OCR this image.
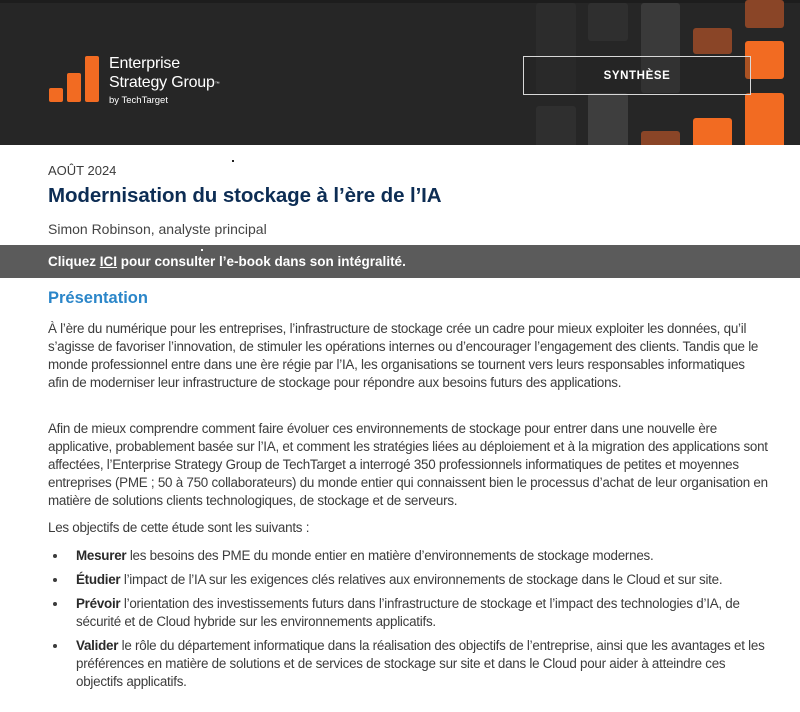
Enterprise
Strategy Group™
by TechTarget
SYNTHÈSE
AOÛT 2024
Modernisation du stockage à l’ère de l’IA
Simon Robinson, analyste principal
Cliquez ICI pour consulter l’e-book dans son intégralité.
Présentation

À l’ère du numérique pour les entreprises, l’infrastructure de stockage crée un cadre pour mieux exploiter les données, qu’il s’agisse de favoriser l’innovation, de stimuler les opérations internes ou d’encourager l’engagement des clients. Tandis que le monde professionnel entre dans une ère régie par l’IA, les organisations se tournent vers leurs responsables informatiques afin de moderniser leur infrastructure de stockage pour répondre aux besoins futurs des applications.

Afin de mieux comprendre comment faire évoluer ces environnements de stockage pour entrer dans une nouvelle ère applicative, probablement basée sur l’IA, et comment les stratégies liées au déploiement et à la migration des applications sont affectées, l’Enterprise Strategy Group de TechTarget a interrogé 350 professionnels informatiques de petites et moyennes entreprises (PME ; 50 à 750 collaborateurs) du monde entier qui connaissent bien le processus d’achat de leur organisation en matière de solutions clients technologiques, de stockage et de serveurs.

Les objectifs de cette étude sont les suivants :

Mesurer les besoins des PME du monde entier en matière d’environnements de stockage modernes.
Étudier l’impact de l’IA sur les exigences clés relatives aux environnements de stockage dans le Cloud et sur site.
Prévoir l’orientation des investissements futurs dans l’infrastructure de stockage et l’impact des technologies d’IA, de sécurité et de Cloud hybride sur les environnements applicatifs.
Valider le rôle du département informatique dans la réalisation des objectifs de l’entreprise, ainsi que les avantages et les préférences en matière de solutions et de services de stockage sur site et dans le Cloud pour aider à atteindre ces objectifs applicatifs.
